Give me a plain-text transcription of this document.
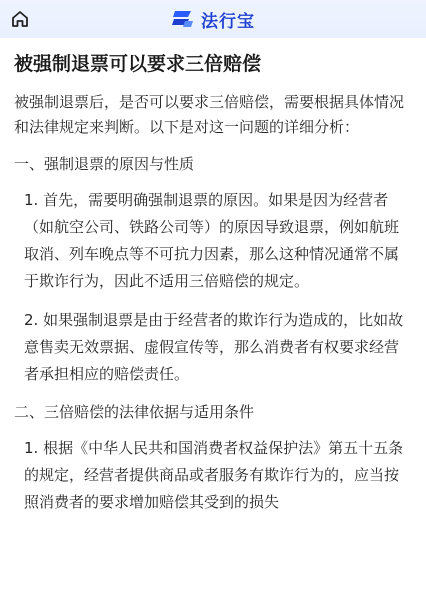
法行宝
被强制退票可以要求三倍赔偿

被强制退票后，是否可以要求三倍赔偿，需要根据具体情况和法律规定来判断。以下是对这一问题的详细分析：

一、强制退票的原因与性质
1. 首先，需要明确强制退票的原因。如果是因为经营者（如航空公司、铁路公司等）的原因导致退票，例如航班取消、列车晚点等不可抗力因素，那么这种情况通常不属于欺诈行为，因此不适用三倍赔偿的规定。
2. 如果强制退票是由于经营者的欺诈行为造成的，比如故意售卖无效票据、虚假宣传等，那么消费者有权要求经营者承担相应的赔偿责任。
二、三倍赔偿的法律依据与适用条件
1. 根据《中华人民共和国消费者权益保护法》第五十五条的规定，经营者提供商品或者服务有欺诈行为的，应当按照消费者的要求增加赔偿其受到的损失
